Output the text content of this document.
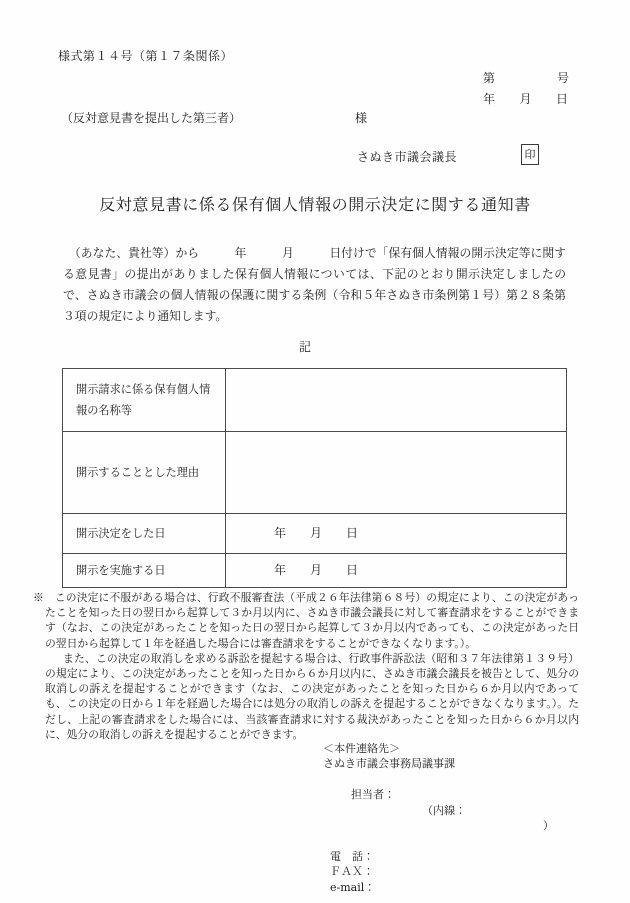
様式第１４号（第１７条関係）
第	号
年 月 日
（反対意見書を提出した第三者）	様
さぬき市議会議長	印
反対意見書に係る保有個人情報の開示決定に関する通知書
　（あなた、貴社等）から　　　年　　　月　　　日付けで「保有個人情報の開示決定等に関する意見書」の提出がありました保有個人情報については、下記のとおり開示決定しましたので、さぬき市議会の個人情報の保護に関する条例（令和５年さぬき市条例第１号）第２８条第３項の規定により通知します。
記
開示請求に係る保有個人情報の名称等	
開示することとした理由	
開示決定をした日	年　　月　　日
開示を実施する日	年　　月　　日

※　この決定に不服がある場合は、行政不服審査法（平成２６年法律第６８号）の規定により、この決定があったことを知った日の翌日から起算して３か月以内に、さぬき市議会議長に対して審査請求をすることができます（なお、この決定があったことを知った日の翌日から起算して３か月以内であっても、この決定があった日の翌日から起算して１年を経過した場合には審査請求をすることができなくなります。）。

また、この決定の取消しを求める訴訟を提起する場合は、行政事件訴訟法（昭和３７年法律第１３９号）の規定により、この決定があったことを知った日から６か月以内に、さぬき市議会議長を被告として、処分の取消しの訴えを提起することができます（なお、この決定があったことを知った日から６か月以内であっても、この決定の日から１年を経過した場合には処分の取消しの訴えを提起することができなくなります。）。ただし、上記の審査請求をした場合には、当該審査請求に対する裁決があったことを知った日から６か月以内に、処分の取消しの訴えを提起することができます。

＜本件連絡先＞
さぬき市議会事務局議事課

担当者：

（内線：

）

電　話：
ＦＡＸ：
e-mail：
